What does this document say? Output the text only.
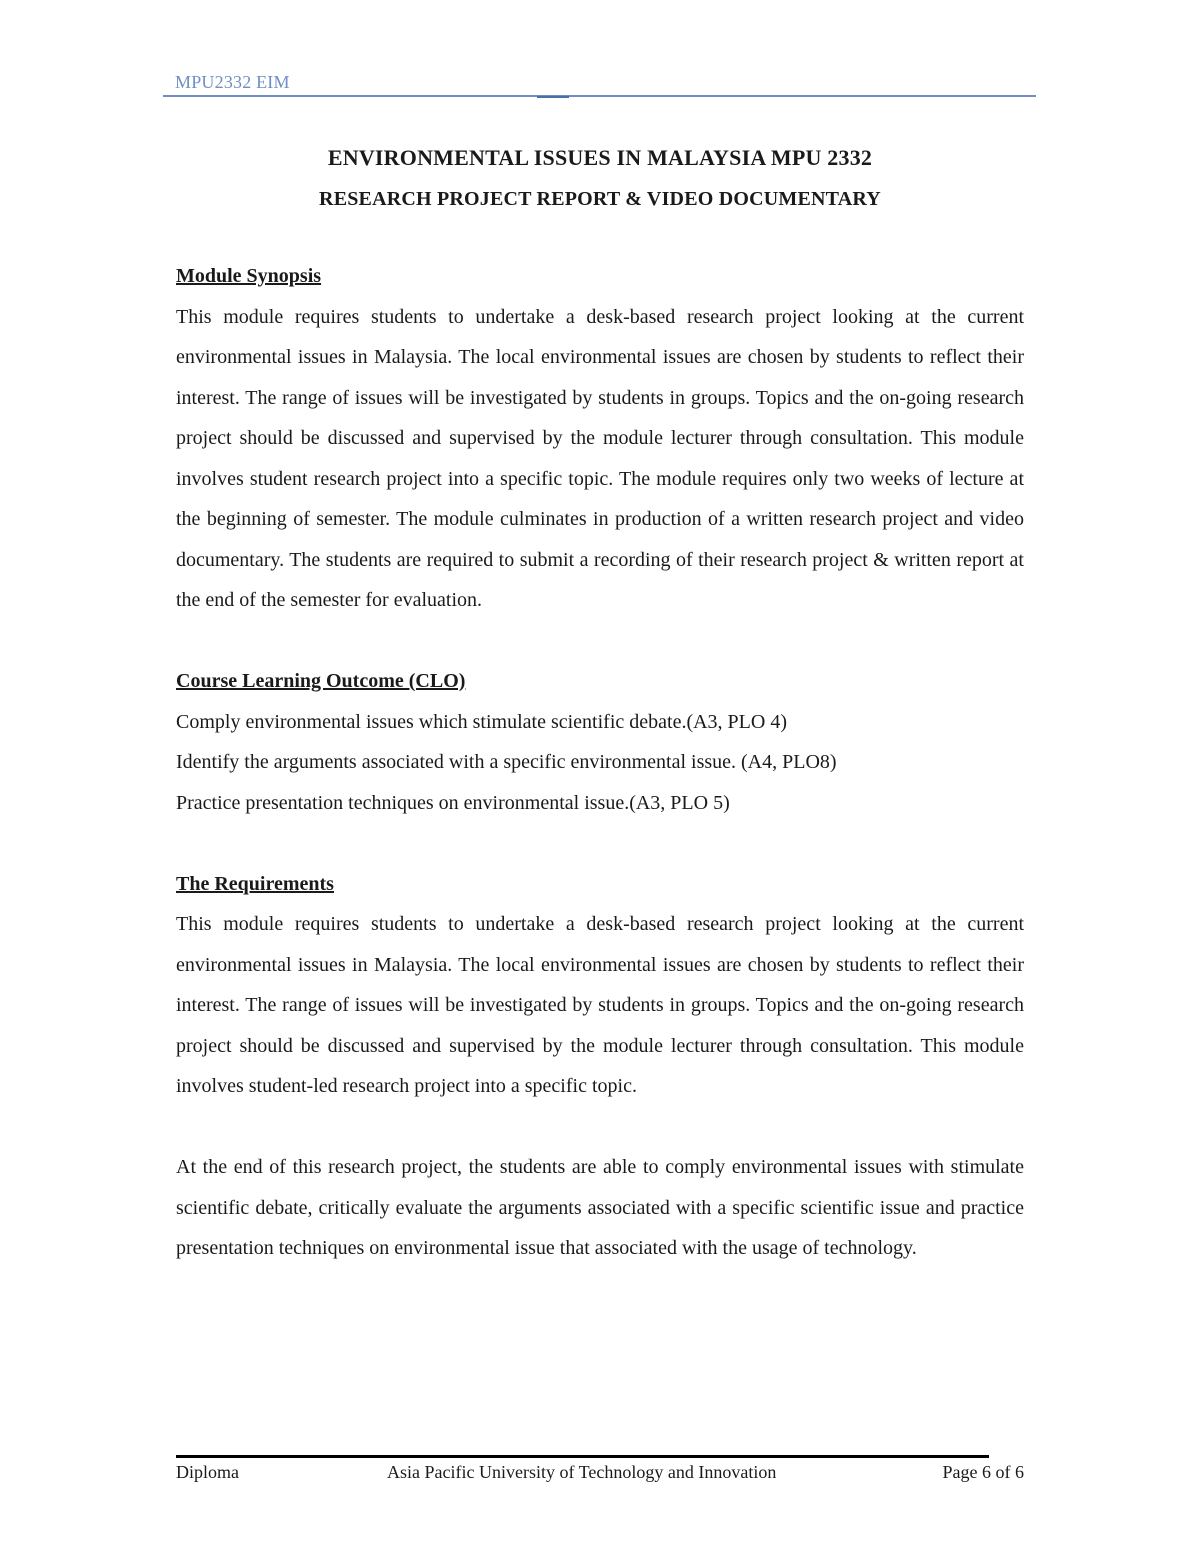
MPU2332 EIM
ENVIRONMENTAL ISSUES IN MALAYSIA MPU 2332
RESEARCH PROJECT REPORT & VIDEO DOCUMENTARY
Module Synopsis

This module requires students to undertake a desk-based research project looking at the current environmental issues in Malaysia. The local environmental issues are chosen by students to reflect their interest. The range of issues will be investigated by students in groups. Topics and the on-going research project should be discussed and supervised by the module lecturer through consultation. This module involves student research project into a specific topic. The module requires only two weeks of lecture at the beginning of semester. The module culminates in production of a written research project and video documentary. The students are required to submit a recording of their research project & written report at the end of the semester for evaluation.

Course Learning Outcome (CLO)

Comply environmental issues which stimulate scientific debate.(A3, PLO 4)

Identify the arguments associated with a specific environmental issue. (A4, PLO8)

Practice presentation techniques on environmental issue.(A3, PLO 5)

The Requirements

This module requires students to undertake a desk-based research project looking at the current environmental issues in Malaysia. The local environmental issues are chosen by students to reflect their interest. The range of issues will be investigated by students in groups. Topics and the on-going research project should be discussed and supervised by the module lecturer through consultation. This module involves student-led research project into a specific topic.

At the end of this research project, the students are able to comply environmental issues with stimulate scientific debate, critically evaluate the arguments associated with a specific scientific issue and practice presentation techniques on environmental issue that associated with the usage of technology.

Diploma	Asia Pacific University of Technology and Innovation	Page 6 of 6
